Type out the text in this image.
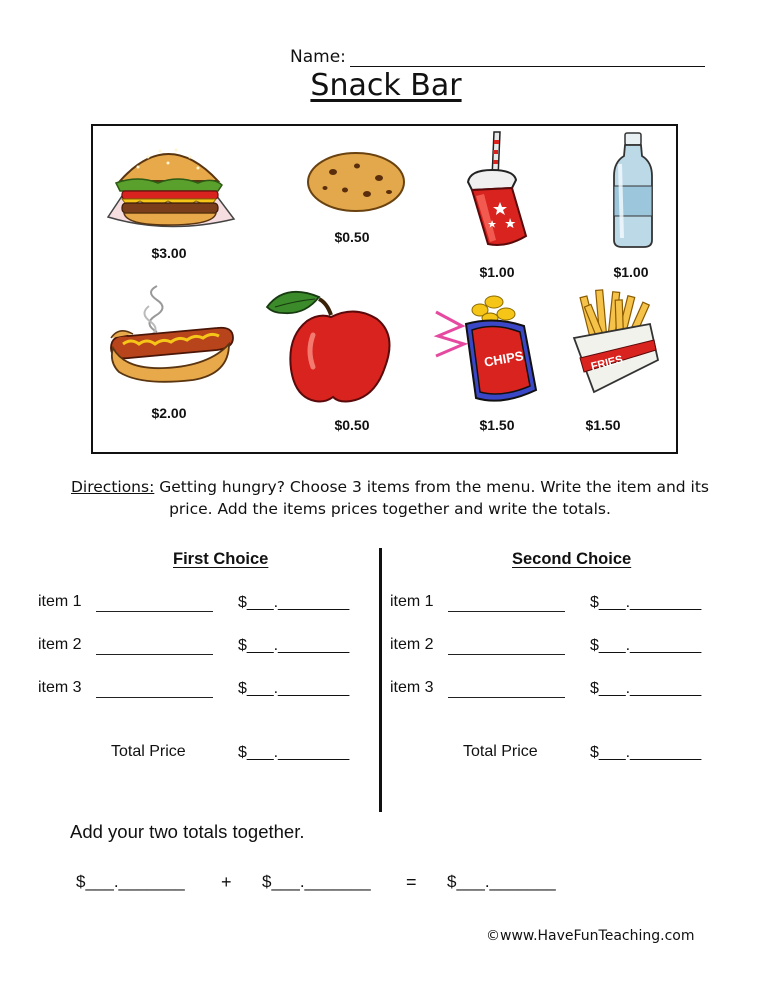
Name:
Snack Bar
$3.00
$0.50
$1.00	$1.00
$2.00
$0.50
CHIPS
$1.50
FRIES
$1.50
Directions: Getting hungry? Choose 3 items from the menu. Write the item and its price. Add the items prices together and write the totals.
First Choice
item 1	$___.________
item 2	$___.________
item 3	$___.________
Total Price	$___.________
Second Choice
item 1	$___.________
item 2	$___.________
item 3	$___.________
Total Price	$___.________
Add your two totals together.
$___._______ + $___._______ = $___._______
©www.HaveFunTeaching.com
